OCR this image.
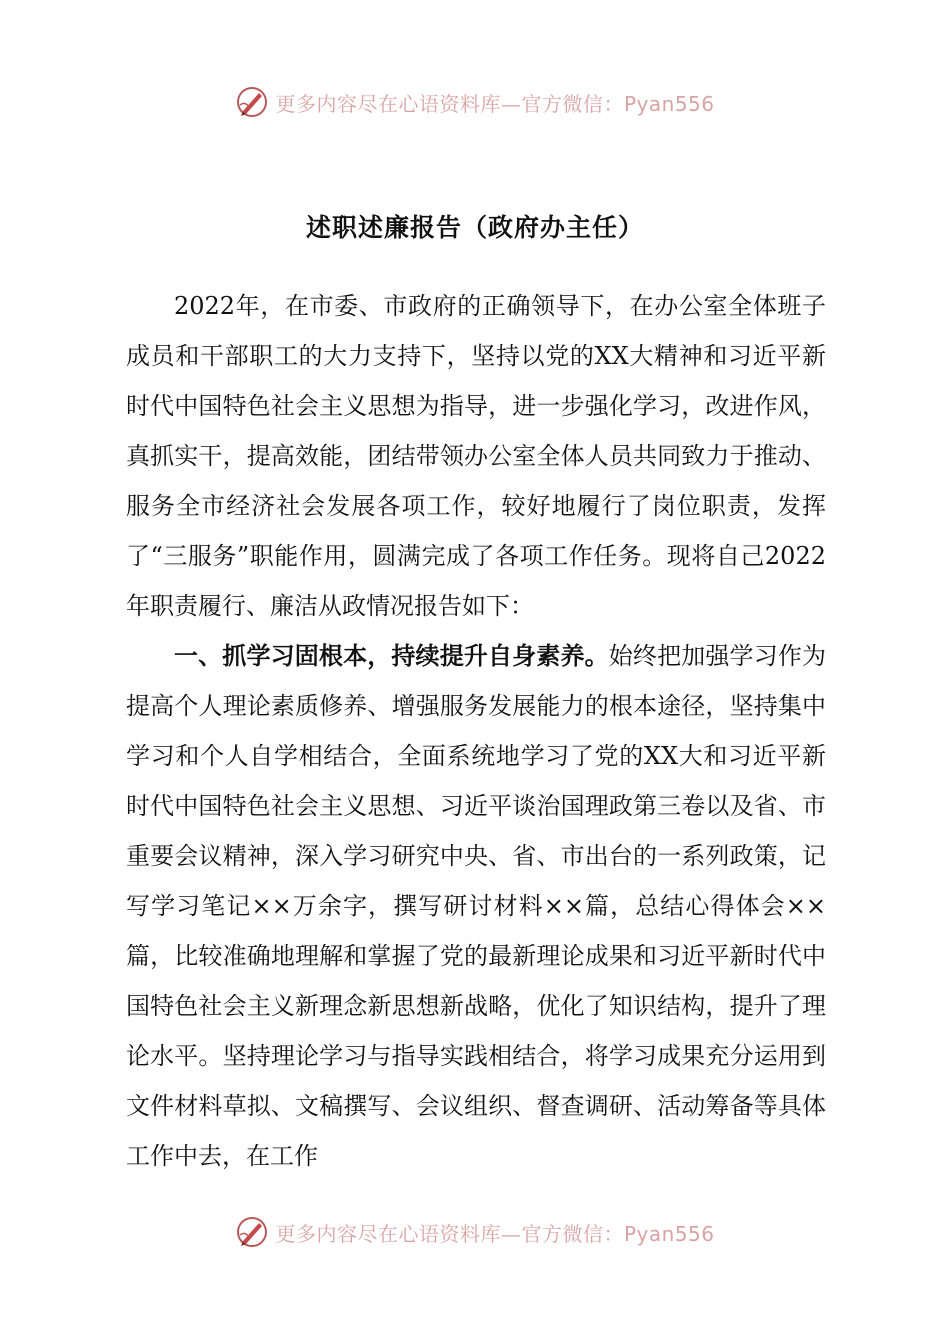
更多内容尽在心语资料库—官方微信：Pyan556
述职述廉报告（政府办主任）

2022年，在市委、市政府的正确领导下，在办公室全体班子成员和干部职工的大力支持下，坚持以党的XX大精神和习近平新时代中国特色社会主义思想为指导，进一步强化学习，改进作风，真抓实干，提高效能，团结带领办公室全体人员共同致力于推动、服务全市经济社会发展各项工作，较好地履行了岗位职责，发挥了“三服务”职能作用，圆满完成了各项工作任务。现将自己2022年职责履行、廉洁从政情况报告如下：

一、抓学习固根本，持续提升自身素养。始终把加强学习作为提高个人理论素质修养、增强服务发展能力的根本途径，坚持集中学习和个人自学相结合，全面系统地学习了党的XX大和习近平新时代中国特色社会主义思想、习近平谈治国理政第三卷以及省、市重要会议精神，深入学习研究中央、省、市出台的一系列政策，记写学习笔记××万余字，撰写研讨材料××篇，总结心得体会××篇，比较准确地理解和掌握了党的最新理论成果和习近平新时代中国特色社会主义新理念新思想新战略，优化了知识结构，提升了理论水平。坚持理论学习与指导实践相结合，将学习成果充分运用到文件材料草拟、文稿撰写、会议组织、督查调研、活动筹备等具体工作中去，在工作

更多内容尽在心语资料库—官方微信：Pyan556
